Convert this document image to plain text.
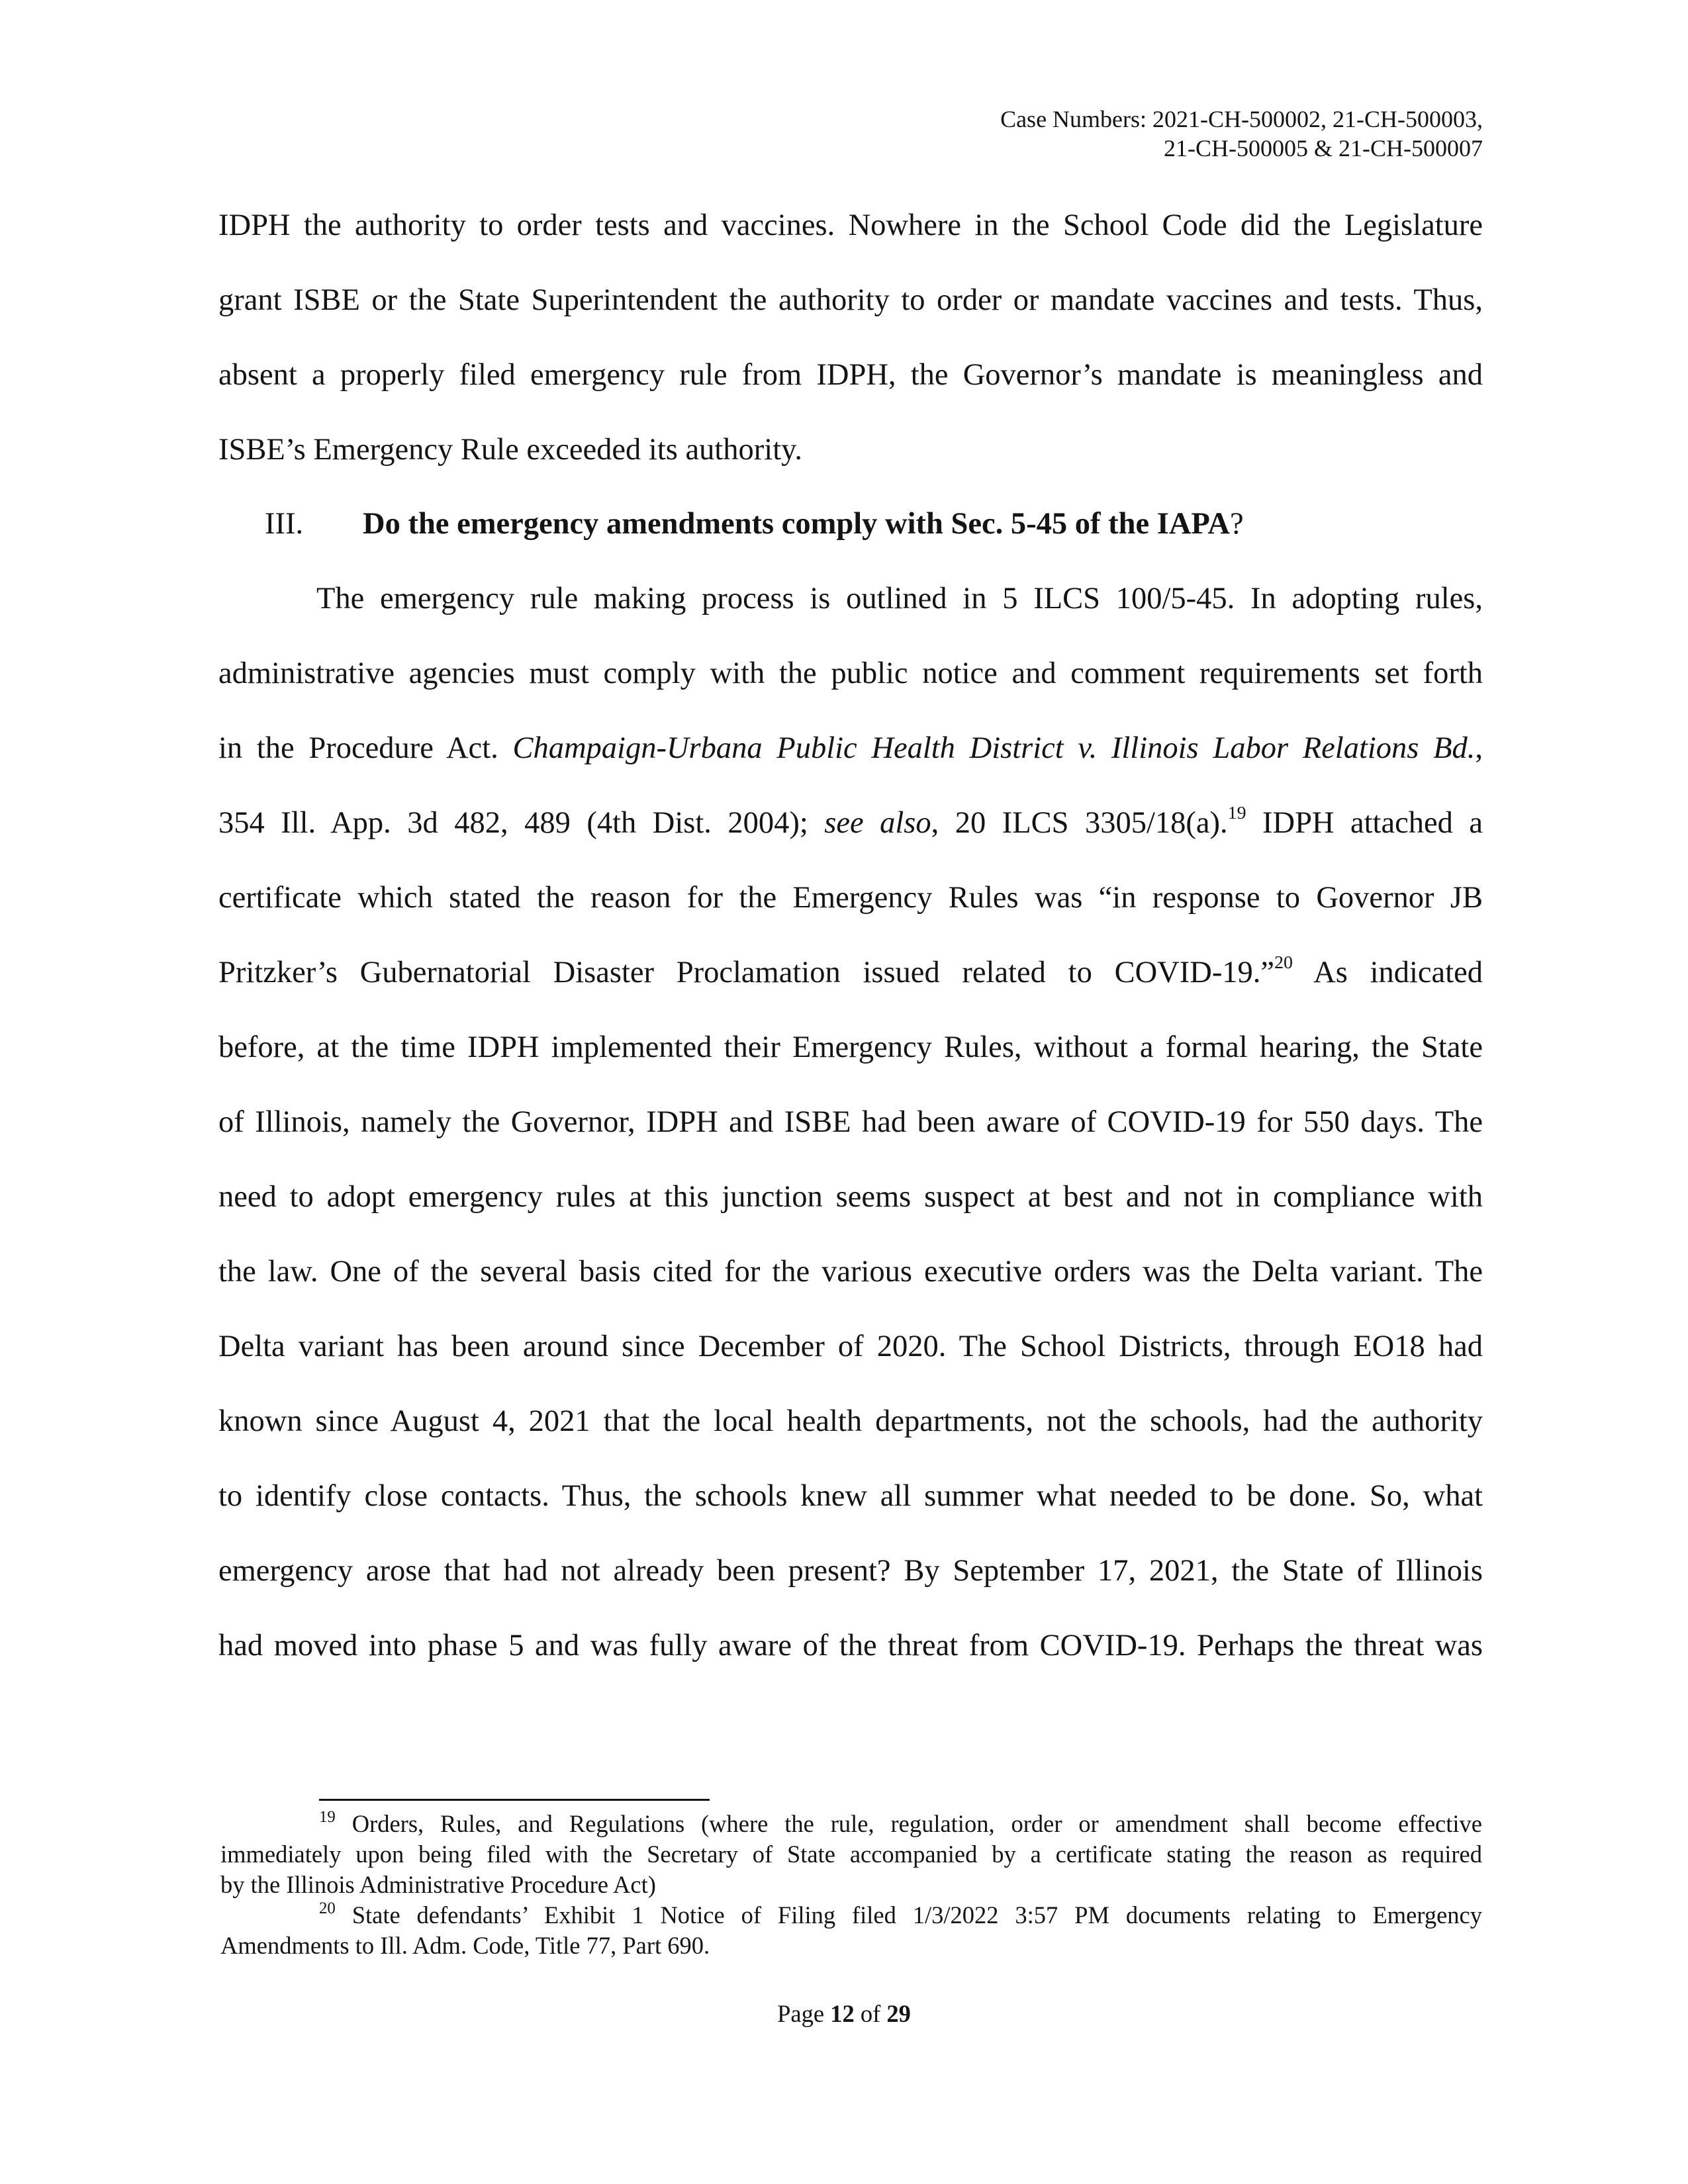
Case Numbers: 2021-CH-500002, 21-CH-500003,
21-CH-500005 & 21-CH-500007
IDPH the authority to order tests and vaccines. Nowhere in the School Code did the Legislature
grant ISBE or the State Superintendent the authority to order or mandate vaccines and tests. Thus,
absent a properly filed emergency rule from IDPH, the Governor’s mandate is meaningless and
ISBE’s Emergency Rule exceeded its authority.
III. Do the emergency amendments comply with Sec. 5-45 of the IAPA?
The emergency rule making process is outlined in 5 ILCS 100/5-45. In adopting rules,
administrative agencies must comply with the public notice and comment requirements set forth
in the Procedure Act. Champaign-Urbana Public Health District v. Illinois Labor Relations Bd.,
354 Ill. App. 3d 482, 489 (4th Dist. 2004); see also, 20 ILCS 3305/18(a).$^{19}$ IDPH attached a
certificate which stated the reason for the Emergency Rules was “in response to Governor JB
Pritzker’s Gubernatorial Disaster Proclamation issued related to COVID-19.”$^{20}$ As indicated
before, at the time IDPH implemented their Emergency Rules, without a formal hearing, the State
of Illinois, namely the Governor, IDPH and ISBE had been aware of COVID-19 for 550 days. The
need to adopt emergency rules at this junction seems suspect at best and not in compliance with
the law. One of the several basis cited for the various executive orders was the Delta variant. The
Delta variant has been around since December of 2020. The School Districts, through EO18 had
known since August 4, 2021 that the local health departments, not the schools, had the authority
to identify close contacts. Thus, the schools knew all summer what needed to be done. So, what
emergency arose that had not already been present? By September 17, 2021, the State of Illinois
had moved into phase 5 and was fully aware of the threat from COVID-19. Perhaps the threat was
$^{19}$ Orders, Rules, and Regulations (where the rule, regulation, order or amendment shall become effective
immediately upon being filed with the Secretary of State accompanied by a certificate stating the reason as required
by the Illinois Administrative Procedure Act)
$^{20}$ State defendants’ Exhibit 1 Notice of Filing filed 1/3/2022 3:57 PM documents relating to Emergency
Amendments to Ill. Adm. Code, Title 77, Part 690.
Page 12 of 29
